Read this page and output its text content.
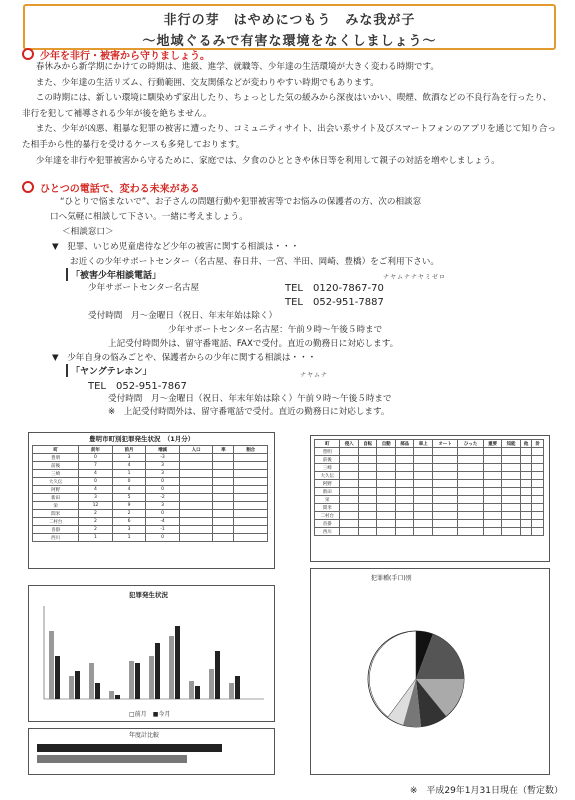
非行の芽　はやめにつもう　みな我が子
～地域ぐるみで有害な環境をなくしましょう～
少年を非行・被害から守りましょう。

春休みから新学期にかけての時期は、進級、進学、就職等、少年達の生活環境が大きく変わる時期です。

また、少年達の生活リズム、行動範囲、交友関係などが変わりやすい時期でもあります。

この時期には、新しい環境に馴染めず家出したり、ちょっとした気の緩みから深夜はいかい、喫煙、飲酒などの不良行為を行ったり、非行を犯して補導される少年が後を絶ちません。

また、少年が凶悪、粗暴な犯罪の被害に遭ったり、コミュニティサイト、出会い系サイト及びスマートフォンのアプリを通じて知り合った相手から性的暴行を受けるケースも多発しております。

少年達を非行や犯罪被害から守るために、家庭では、夕食のひとときや休日等を利用して親子の対話を増やしましょう。

ひとつの電話で、変わる未来がある
“ひとりで悩まないで”、お子さんの問題行動や犯罪被害等でお悩みの保護者の方、次の相談窓
口へ気軽に相談して下さい。一緒に考えましょう。
＜相談窓口＞
▼　犯罪、いじめ児童虐待など少年の被害に関する相談は・・・
お近くの少年サポートセンター（名古屋、春日井、一宮、半田、岡崎、豊橋）をご利用下さい。
「被害少年相談電話」	ナヤムナナヤミゼロ
少年サポートセンター名古屋	TEL　0120-7867-70
TEL　052-951-7887
受付時間　月～金曜日（祝日、年末年始は除く）
少年サポートセンター名古屋：午前９時～午後５時まで
上記受付時間外は、留守番電話、FAXで受付。直近の勤務日に対応します。
▼　少年自身の悩みごとや、保護者からの少年に関する相談は・・・
「ヤングテレホン」	ナヤムナ
TEL　052-951-7867
受付時間　月～金曜日（祝日、年末年始は除く）午前９時～午後５時まで
※　上記受付時間外は、留守番電話で受付。直近の勤務日に対応します。
豊明市町別犯罪発生状況　（1月分）
町	前年	前月	増減	人口	率	割合
豊明	0	3	-3			
前後	7	4	3			
三崎	4	1	3			
大久伝	0	0	0			
阿野	4	4	0			
新田	3	5	-2			
栄	12	9	3			
間米	2	2	0			
二村台	2	6	-4			
沓掛	2	3	-1			
西川	1	1	0			
犯罪発生状況
□前月　■今月
年度計比較
町	侵入	自転	自動	部品	車上	オート	ひった	重要	知能	他	計
豊明											
前後											
三崎											
大久伝											
阿野											
新田											
栄											
間米											
二村台											
沓掛											
西川											
犯罪種(手口)別
※　平成29年1月31日現在（暫定数）
